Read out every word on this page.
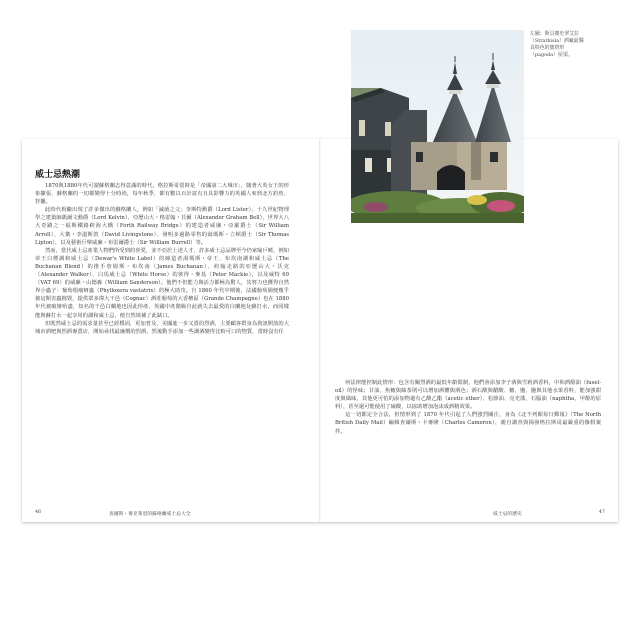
威士忌熱潮

1870與1880年代可謂蘇格蘭志得意滿的時代，格拉斯哥當時是「帝國第二大城市」，隨著大英女王的形象擴張，蘇格蘭的一切都變得十分時尚，每年秋季，都有數以百計富有且具影響力的英國人來到北方釣魚、狩獵。

此時代相繼出現了許多傑出的蘇格蘭人，例如「滅菌之父」李斯特勳爵（Lord Lister）、十九世紀物理學之建築師凱爾文勳爵（Lord Kelvin）、亞歷山大・格雷翰・貝爾（Alexander Graham Bell）、世界大八大奇蹟之一福斯鐵路跨海大橋（Forth Railway Bridge）的建造者威廉・亞羅爵士（Sir William Arroll）、大衛・李溫斯敦（David Livingstone）、發明多過路零售的湯瑪斯・立頓爵士（Sir Thomas Lipton），以及藝術巨擘威廉・布雷爾爵士（Sir William Burrell）等。

然而，當代威士忌產業人物們所受到的喜愛，並不亞於上述人才，許多威士忌品牌至今仍家喻戶曉，例如帝王白標調和威士忌（Dewar's White Label）的締造者湯瑪斯・帝王、布坎南調和威士忌（The Buchanan Blend）的推手詹姆斯・布坎南（James Buchanan）、約翰走路的亞歷山大・沃克（Alexander Walker）、白馬威士忌（White Horse）的彼得・麥基（Peter Mackie），以及威特 69（VAT 69）的威廉・山德森（William Sanderson）。他們不但能力與活力都極為驚人，其努力也獲得自然界小蟲子：葡萄根瘤蚜蟲（Phylloxera vastatrix）的極大助攻。自 1860 年代中期後，法國葡萄園便幾乎被這類害蟲摧毀，提供眾多偉大干邑（Cognac）酒莊葡萄的大香檳區（Grande Champagne）也在 1880 年代被破壞殆盡，知名的干邑白蘭地也因此停產，英國中產階級自此就失去最愛的白蘭地兌蘇打水，而同樣能與蘇打水一起享用的調和威士忌，便自然填補了此缺口。

但既然威士忌的需求量甚至已經穩固，更加普及，美國進一步又賣的烈酒，主要顧客群身為資訊開放的大城市酒吧與烈酒專賣店，開始尋找最廉價的烈酒，然後動手添加一些調酒變得比較可口的物質，當時沒有任

46	查爾斯・麥克萊恩的蘇格蘭威士忌大全

何法律能控制此情形：包含有關烈酒的最低年齡限制，他們會添加李子酒與雪莉酒香料，中和酒醇油（fusel-oil）的怪味；甘油、焦糖與綠茶則可以增加酒體與酒色；酒石酸與醋酸、糖、鹽、鹽與其他水果香料，能加強甜度與風味，其他更可怕的添加物還有乙酸乙酯（acetic ether）、松節油、亮光漆，石腦油（naphtha，甲醇的原料），甚至還可能使用了硫酸，以協助增加泡沫成酒精效果。

這一切都定全合法，但情形到了 1870 年代引起了人們強烈關注，身為《北不列顛每日郵報》（The North British Daily Mail）編輯查爾斯・卡麥隆（Charles Cameron），親自調查與揭發格拉斯哥最嚴重的摻假案件。

威士忌的歷史	47
左圖：斯貝賽史翠艾拉（Strathisla）酒廠最獨具特色的寶塔形（pagoda）屋頂。
